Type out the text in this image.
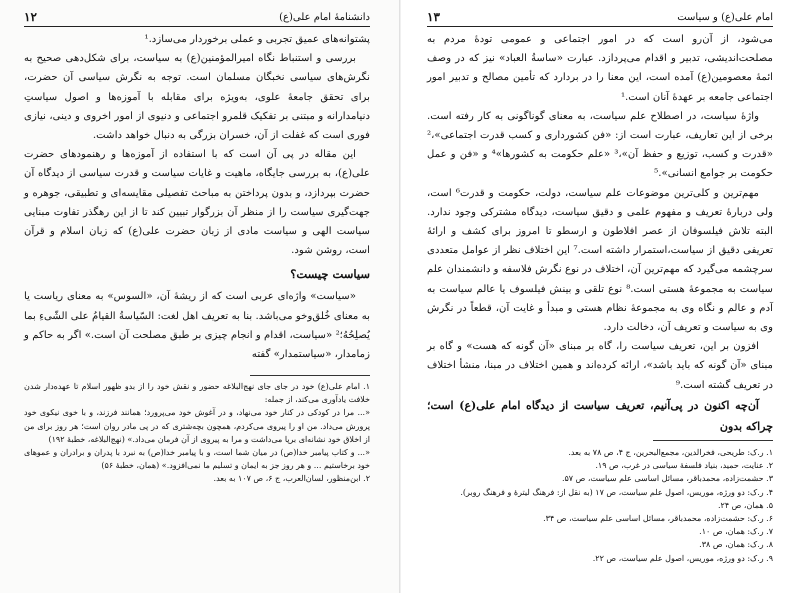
دانشنامهٔ امام علی(ع)
۱۲

پشتوانه‌های عمیق تجربی و عملی برخوردار می‌سازد.¹

بررسی و استنباط نگاه امیرالمؤمنین(ع) به سیاست، برای شکل‌دهی صحیح به نگرش‌های سیاسی نخبگان مسلمان است. توجه به نگرش سیاسی آن حضرت، برای تحقق جامعهٔ علوی، به‌ویژه برای مقابله با آموزه‌ها و اصول سیاستِ دنیامدارانه و مبتنی بر تفکیک قلمرو اجتماعی و دنیوی از امور اخروی و دینی، نیازی فوری است که غفلت از آن، خسران بزرگی به دنبال خواهد داشت.

این مقاله در پی آن است که با استفاده از آموزه‌ها و رهنمودهای حضرت علی(ع)، به بررسی جایگاه، ماهیت و غایات سیاست و قدرت سیاسی از دیدگاه آن حضرت بپردازد، و بدون پرداختن به مباحث تفصیلی مقایسه‌ای و تطبیقی، جوهره و جهت‌گیری سیاست را از منظر آن بزرگوار تبیین کند تا از این رهگذر تفاوت مبنایی سیاست الهی و سیاست مادی از زبان حضرت علی(ع) که زبان اسلام و قرآن است، روشن شود.

سیاست چیست؟

«سیاست» واژه‌ای عربی است که از ریشهٔ آن، «السوس» به معنای ریاست یا به معنای خُلق‌وخو می‌باشد. بنا به تعریف اهل لغت: السّیاسةُ القیامُ علی الشّیءِ بما یُصلِحُهُ؛² «سیاست، اقدام و انجام چیزی بر طبق مصلحت آن است.» اگر به حاکم و زمامدار، «سیاستمدار» گفته

۱. امام علی(ع) خود در جای جای نهج‌البلاغه حضور و نقش خود را از بدو ظهور اسلام تا عهده‌دار شدن خلافت یادآوری می‌کند، از جمله:
«... مرا در کودکی در کنار خود می‌نهاد، و در آغوش خود می‌پرورد؛ همانند فرزند، و با خوی نیکوی خود پرورش می‌داد. من او را پیروی می‌کردم، همچون بچه‌شتری که در پی مادر روان است؛ هر روز برای من از اخلاق خود نشانه‌ای برپا می‌داشت و مرا به پیروی از آن فرمان می‌داد.» (نهج‌البلاغه، خطبهٔ ۱۹۲)
«... و کتاب پیامبر خدا(ص) در میان شما است، و با پیامبر خدا(ص) به نبرد با پدران و برادران و عموهای خود برخاستیم ... و هر روز جز به ایمان و تسلیم ما نمی‌افزود.» (همان، خطبهٔ ۵۶)
۲. ابن‌منظور، لسان‌العرب، ج ۶، ص ۱۰۷ به بعد.
امام علی(ع) و سیاست
۱۳

می‌شود، از آن‌رو است که در امور اجتماعی و عمومی تودهٔ مردم به مصلحت‌اندیشی، تدبیر و اقدام می‌پردازد. عبارت «ساسةُ العباد» نیز که در وصف ائمهٔ معصومین(ع) آمده است، این معنا را در بردارد که تأمین مصالح و تدبیر امور اجتماعی جامعه بر عهدهٔ آنان است.¹

واژهٔ سیاست، در اصطلاح علم سیاست، به معنای گوناگونی به کار رفته است. برخی از این تعاریف، عبارت است از: «فن کشورداری و کسب قدرت اجتماعی»،² «قدرت و کسب، توزیع و حفظ آن»،³ «علم حکومت به کشورها»⁴ و «فن و عمل حکومت بر جوامع انسانی».⁵

مهم‌ترین و کلی‌ترین موضوعات علم سیاست، دولت، حکومت و قدرت⁶ است، ولی دربارهٔ تعریف و مفهوم علمی و دقیق سیاست، دیدگاه مشترکی وجود ندارد. البته تلاش فیلسوفان از عصر افلاطون و ارسطو تا امروز برای کشف و ارائهٔ تعریفی دقیق از سیاست،استمرار داشته است.⁷ این اختلاف نظر از عوامل متعددی سرچشمه می‌گیرد که مهم‌ترین آن، اختلاف در نوع نگرش فلاسفه و دانشمندان علم سیاست به مجموعهٔ هستی است.⁸ نوع تلقی و بینش فیلسوف یا عالم سیاست به آدم و عالم و نگاه وی به مجموعهٔ نظام هستی و مبدأ و غایت آن، قطعاً در نگرش وی به سیاست و تعریف آن، دخالت دارد.

افزون بر این، تعریف سیاست را، گاه بر مبنای «آن گونه که هست» و گاه بر مبنای «آن گونه که باید باشد»، ارائه کرده‌اند و همین اختلاف در مبنا، منشأ اختلاف در تعریف گشته است.⁹

آن‌چه اکنون در پی‌آنیم، تعریف سیاست از دیدگاه امام علی(ع) است؛ چراکه بدون

۱. ر.ک: طریحی، فخرالدین، مجمع‌البحرین، ج ۴، ص ۷۸ به بعد.
۲. عنایت، حمید، بنیاد فلسفهٔ سیاسی در غرب، ص ۱۹.
۳. حشمت‌زاده، محمدباقر، مسائل اساسی علم سیاست، ص ۵۷.
۴. ر.ک: دو ورژه، موریس، اصول علم سیاست، ص ۱۷ (به نقل از: فرهنگ لیترهٔ و فرهنگ روبر).
۵. همان، ص ۲۴.
۶. ر.ک: حشمت‌زاده، محمدباقر، مسائل اساسی علم سیاست، ص ۳۴.
۷. ر.ک: همان، ص ۱۰.
۸. ر.ک: همان، ص ۳۸.
۹. ر.ک: دو ورژه، موریس، اصول علم سیاست، ص ۲۲.
